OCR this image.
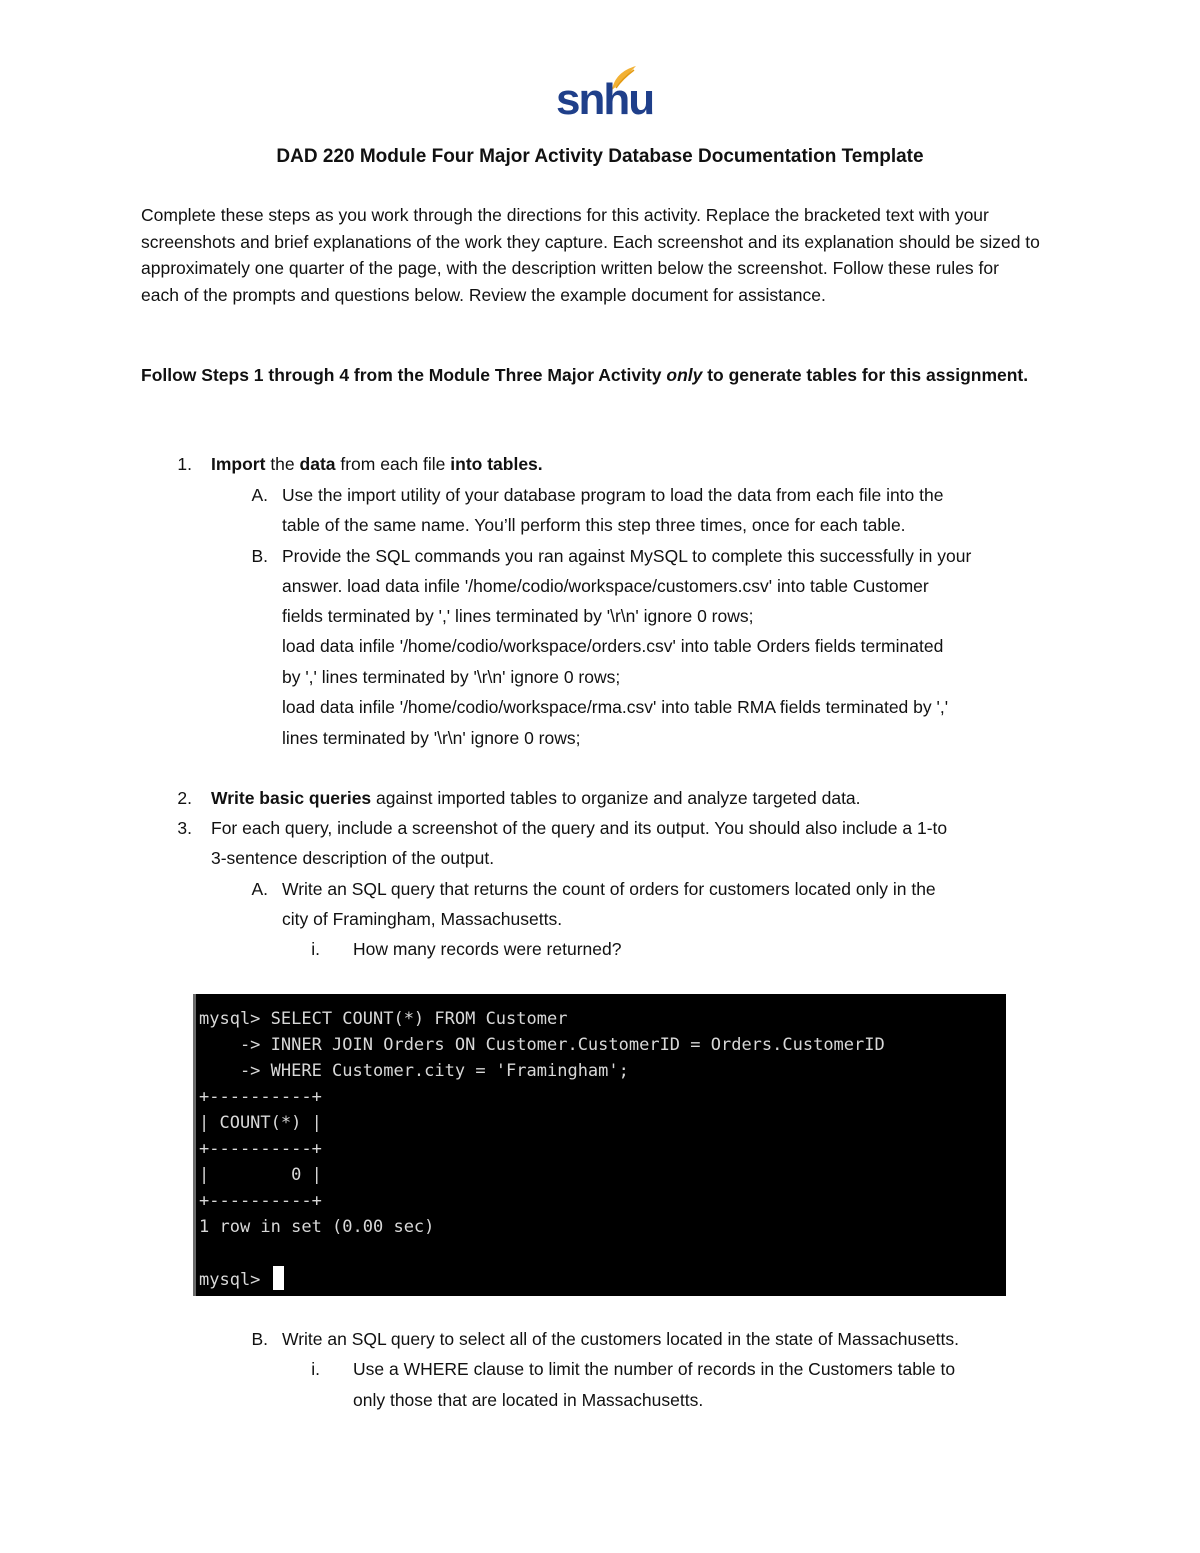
snhu
DAD 220 Module Four Major Activity Database Documentation Template

Complete these steps as you work through the directions for this activity. Replace the bracketed text with your screenshots and brief explanations of the work they capture. Each screenshot and its explanation should be sized to approximately one quarter of the page, with the description written below the screenshot. Follow these rules for each of the prompts and questions below. Review the example document for assistance.

Follow Steps 1 through 4 from the Module Three Major Activity only to generate tables for this assignment.

1. Import the data from each file into tables.
A. Use the import utility of your database program to load the data from each file into the
table of the same name. You’ll perform this step three times, once for each table.
B. Provide the SQL commands you ran against MySQL to complete this successfully in your
answer. load data infile '/home/codio/workspace/customers.csv' into table Customer
fields terminated by ',' lines terminated by '\r\n' ignore 0 rows;
load data infile '/home/codio/workspace/orders.csv' into table Orders fields terminated
by ',' lines terminated by '\r\n' ignore 0 rows;
load data infile '/home/codio/workspace/rma.csv' into table RMA fields terminated by ','
lines terminated by '\r\n' ignore 0 rows;
2. Write basic queries against imported tables to organize and analyze targeted data.
3. For each query, include a screenshot of the query and its output. You should also include a 1-to
3-sentence description of the output.
A. Write an SQL query that returns the count of orders for customers located only in the
city of Framingham, Massachusetts.
i. How many records were returned?
mysql> SELECT COUNT(*) FROM Customer
-> INNER JOIN Orders ON Customer.CustomerID = Orders.CustomerID
-> WHERE Customer.city = 'Framingham';
+----------+
| COUNT(*) |
+----------+
|        0 |
+----------+
1 row in set (0.00 sec)
mysql>
B. Write an SQL query to select all of the customers located in the state of Massachusetts.
i. Use a WHERE clause to limit the number of records in the Customers table to
only those that are located in Massachusetts.
